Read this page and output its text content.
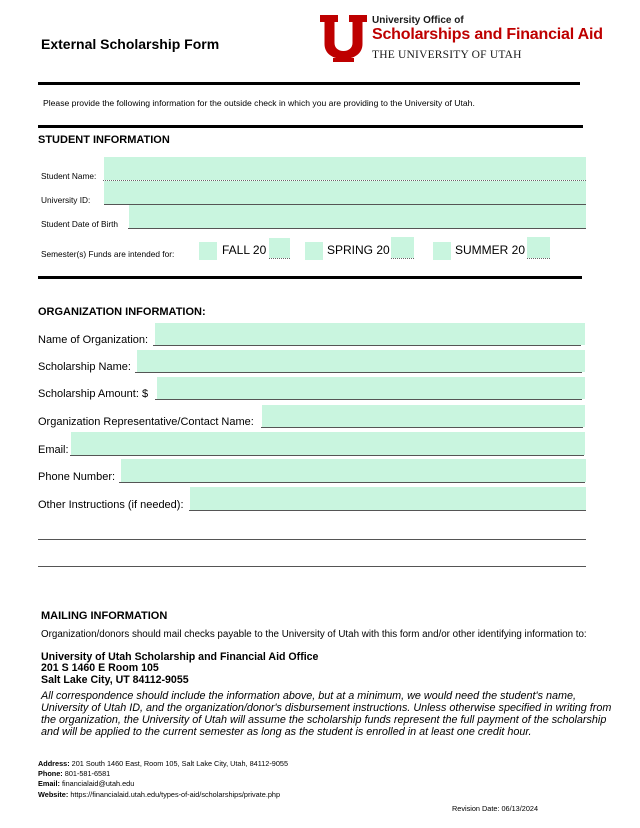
External Scholarship Form
University Office of
Scholarships and Financial Aid
THE UNIVERSITY OF UTAH
Please provide the following information for the outside check in which you are providing to the University of Utah.
STUDENT INFORMATION
Student Name:
University ID:
Student Date of Birth
Semester(s) Funds are intended for:	FALL 20	SPRING 20	SUMMER 20
ORGANIZATION INFORMATION:
Name of Organization:
Scholarship Name:
Scholarship Amount: $
Organization Representative/Contact Name:
Email:
Phone Number:
Other Instructions (if needed):
MAILING INFORMATION
Organization/donors should mail checks payable to the University of Utah with this form and/or other identifying information to:
University of Utah Scholarship and Financial Aid Office
201 S 1460 E Room 105
Salt Lake City, UT 84112-9055
All correspondence should include the information above, but at a minimum, we would need the student's name, University of Utah ID, and the organization/donor's disbursement instructions. Unless otherwise specified in writing from the organization, the University of Utah will assume the scholarship funds represent the full payment of the scholarship and will be applied to the current semester as long as the student is enrolled in at least one credit hour.
Address: 201 South 1460 East, Room 105, Salt Lake City, Utah, 84112-9055
Phone: 801-581-6581
Email: financialaid@utah.edu
Website: https://financialaid.utah.edu/types-of-aid/scholarships/private.php
Revision Date: 06/13/2024
